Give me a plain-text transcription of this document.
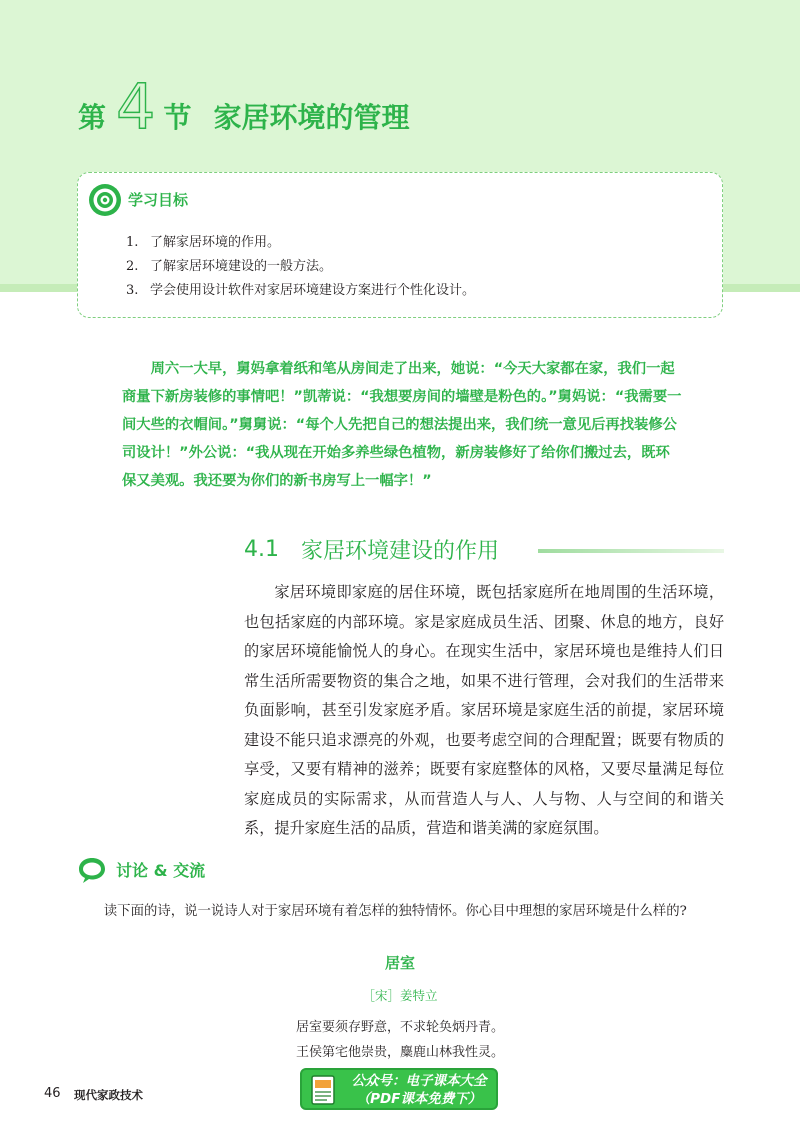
第 4 节 家居环境的管理
学习目标
1. 了解家居环境的作用。
2. 了解家居环境建设的一般方法。
3. 学会使用设计软件对家居环境建设方案进行个性化设计。

周六一大早，舅妈拿着纸和笔从房间走了出来，她说：“今天大家都在家，我们一起商量下新房装修的事情吧！”凯蒂说：“我想要房间的墙壁是粉色的。”舅妈说：“我需要一间大些的衣帽间。”舅舅说：“每个人先把自己的想法提出来，我们统一意见后再找装修公司设计！”外公说：“我从现在开始多养些绿色植物，新房装修好了给你们搬过去，既环保又美观。我还要为你们的新书房写上一幅字！”

4.1 家居环境建设的作用

家居环境即家庭的居住环境，既包括家庭所在地周围的生活环境，也包括家庭的内部环境。家是家庭成员生活、团聚、休息的地方，良好的家居环境能愉悦人的身心。在现实生活中，家居环境也是维持人们日常生活所需要物资的集合之地，如果不进行管理，会对我们的生活带来负面影响，甚至引发家庭矛盾。家居环境是家庭生活的前提，家居环境建设不能只追求漂亮的外观，也要考虑空间的合理配置；既要有物质的享受，又要有精神的滋养；既要有家庭整体的风格，又要尽量满足每位家庭成员的实际需求，从而营造人与人、人与物、人与空间的和谐关系，提升家庭生活的品质，营造和谐美满的家庭氛围。

讨论 & 交流

读下面的诗，说一说诗人对于家居环境有着怎样的独特情怀。你心目中理想的家居环境是什么样的?

居室
［宋］姜特立
居室要须存野意，不求轮奂炳丹青。
王侯第宅他崇贵，麋鹿山林我性灵。
46 现代家政技术
公众号：电子课本大全
（PDF课本免费下）
